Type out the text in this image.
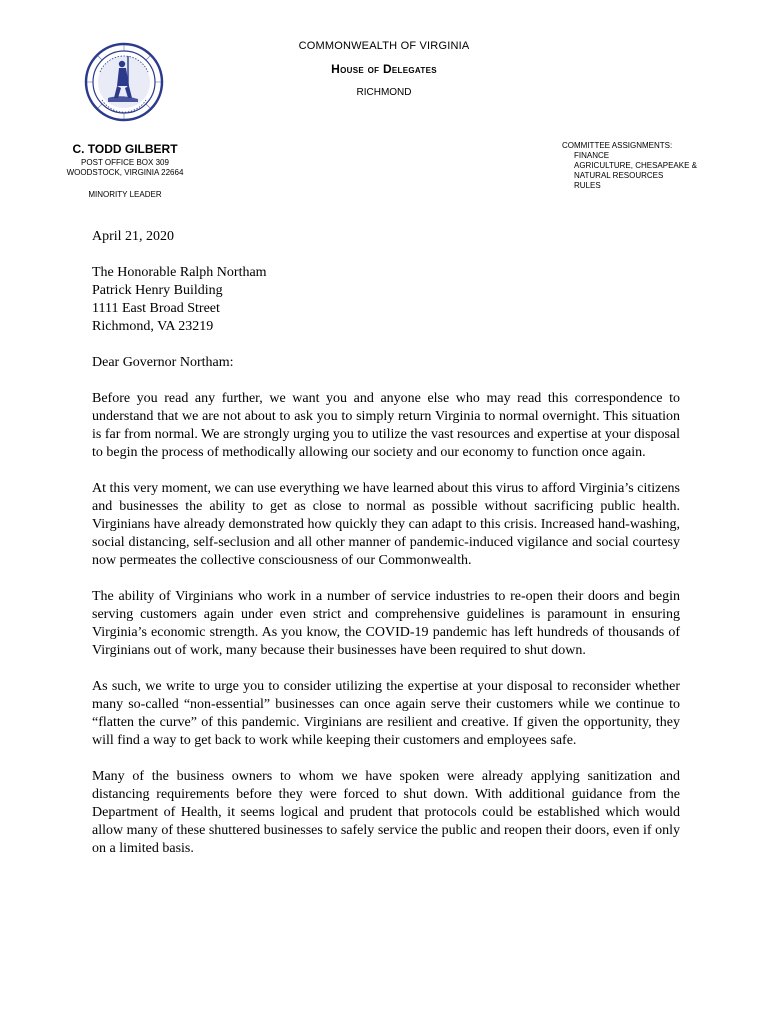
COMMONWEALTH OF VIRGINIA
House of Delegates
RICHMOND
C. TODD GILBERT
POST OFFICE BOX 309
WOODSTOCK, VIRGINIA 22664
MINORITY LEADER
COMMITTEE ASSIGNMENTS:
FINANCE
AGRICULTURE, CHESAPEAKE &
NATURAL RESOURCES
RULES

April 21, 2020

The Honorable Ralph Northam

Patrick Henry Building

1111 East Broad Street

Richmond, VA 23219

Dear Governor Northam:

Before you read any further, we want you and anyone else who may read this correspondence to understand that we are not about to ask you to simply return Virginia to normal overnight. This situation is far from normal. We are strongly urging you to utilize the vast resources and expertise at your disposal to begin the process of methodically allowing our society and our economy to function once again.

At this very moment, we can use everything we have learned about this virus to afford Virginia’s citizens and businesses the ability to get as close to normal as possible without sacrificing public health. Virginians have already demonstrated how quickly they can adapt to this crisis. Increased hand-washing, social distancing, self-seclusion and all other manner of pandemic-induced vigilance and social courtesy now permeates the collective consciousness of our Commonwealth.

The ability of Virginians who work in a number of service industries to re-open their doors and begin serving customers again under even strict and comprehensive guidelines is paramount in ensuring Virginia’s economic strength. As you know, the COVID-19 pandemic has left hundreds of thousands of Virginians out of work, many because their businesses have been required to shut down.

As such, we write to urge you to consider utilizing the expertise at your disposal to reconsider whether many so-called “non-essential” businesses can once again serve their customers while we continue to “flatten the curve” of this pandemic. Virginians are resilient and creative. If given the opportunity, they will find a way to get back to work while keeping their customers and employees safe.

Many of the business owners to whom we have spoken were already applying sanitization and distancing requirements before they were forced to shut down. With additional guidance from the Department of Health, it seems logical and prudent that protocols could be established which would allow many of these shuttered businesses to safely service the public and reopen their doors, even if only on a limited basis.
